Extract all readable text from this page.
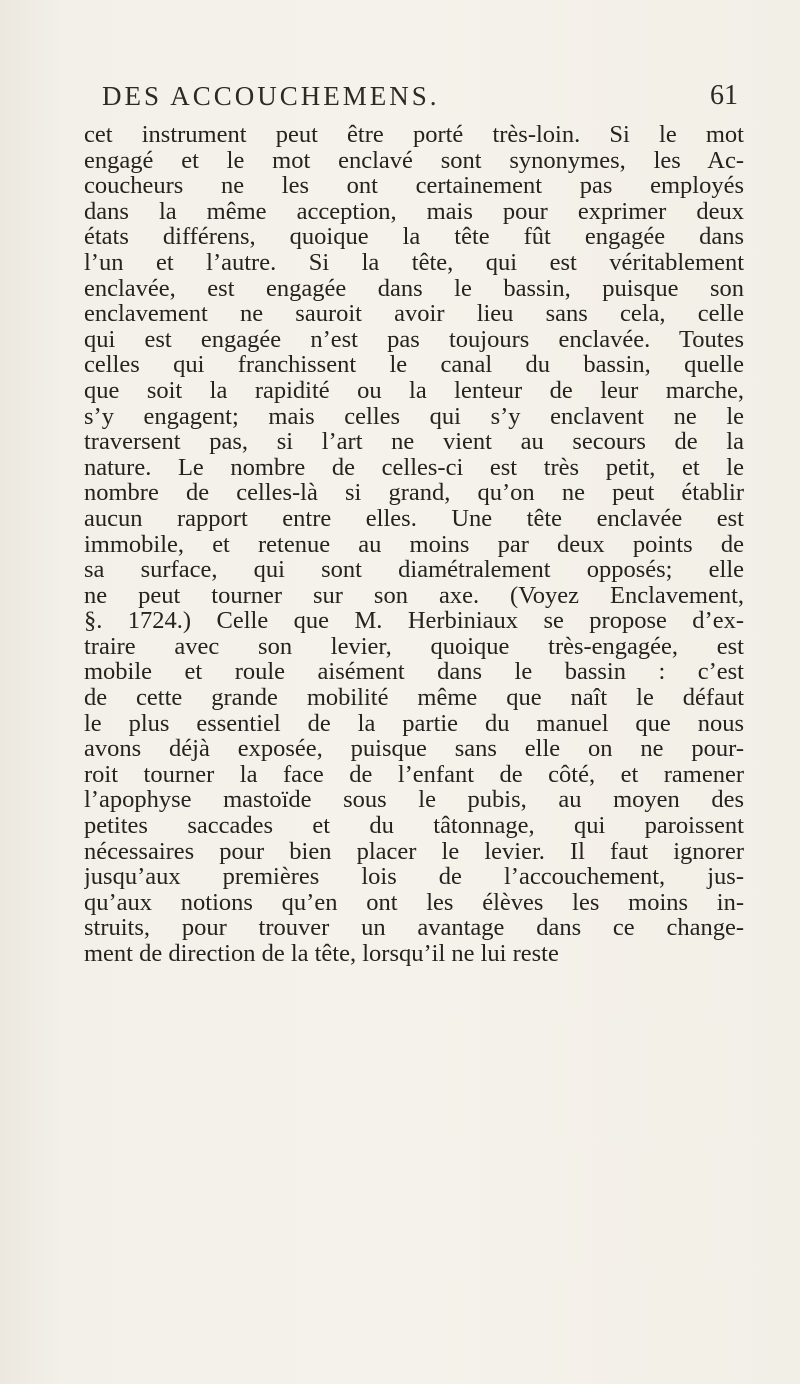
DES ACCOUCHEMENS.	61
cet instrument peut être porté très-loin. Si le mot
engagé et le mot enclavé sont synonymes, les Ac-
coucheurs ne les ont certainement pas employés
dans la même acception, mais pour exprimer deux
états différens, quoique la tête fût engagée dans
l’un et l’autre. Si la tête, qui est véritablement
enclavée, est engagée dans le bassin, puisque son
enclavement ne sauroit avoir lieu sans cela, celle
qui est engagée n’est pas toujours enclavée. Toutes
celles qui franchissent le canal du bassin, quelle
que soit la rapidité ou la lenteur de leur marche,
s’y engagent; mais celles qui s’y enclavent ne le
traversent pas, si l’art ne vient au secours de la
nature. Le nombre de celles-ci est très petit, et le
nombre de celles-là si grand, qu’on ne peut établir
aucun rapport entre elles. Une tête enclavée est
immobile, et retenue au moins par deux points de
sa surface, qui sont diamétralement opposés; elle
ne peut tourner sur son axe. (Voyez Enclavement,
§. 1724.) Celle que M. Herbiniaux se propose d’ex-
traire avec son levier, quoique très-engagée, est
mobile et roule aisément dans le bassin : c’est
de cette grande mobilité même que naît le défaut
le plus essentiel de la partie du manuel que nous
avons déjà exposée, puisque sans elle on ne pour-
roit tourner la face de l’enfant de côté, et ramener
l’apophyse mastoïde sous le pubis, au moyen des
petites saccades et du tâtonnage, qui paroissent
nécessaires pour bien placer le levier. Il faut ignorer
jusqu’aux premières lois de l’accouchement, jus-
qu’aux notions qu’en ont les élèves les moins in-
struits, pour trouver un avantage dans ce change-
ment de direction de la tête, lorsqu’il ne lui reste
